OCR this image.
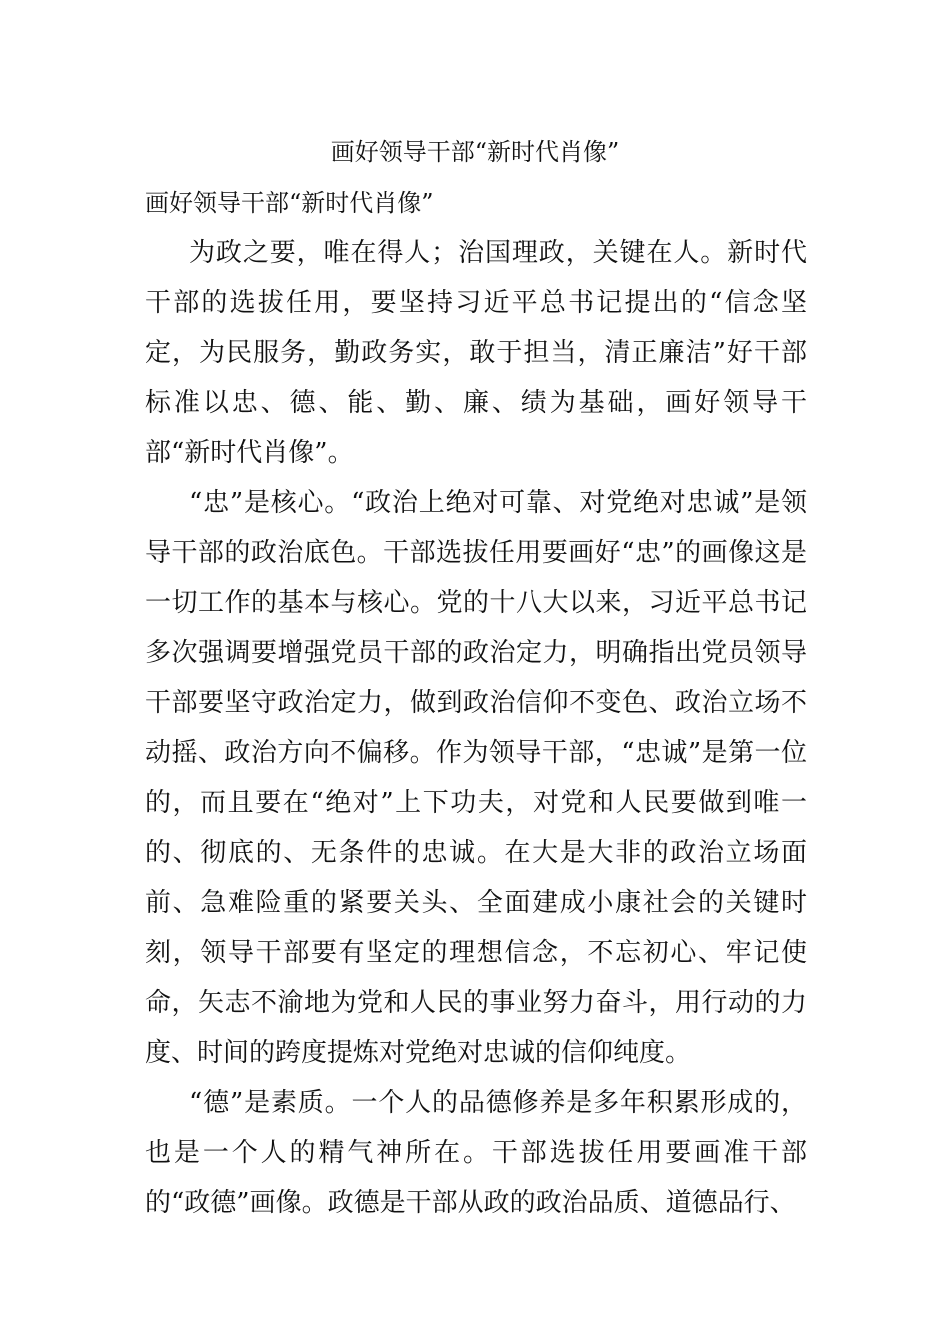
画好领导干部“新时代肖像”

画好领导干部“新时代肖像”

为政之要，唯在得人；治国理政，关键在人。新时代干部的选拔任用，要坚持习近平总书记提出的“信念坚定，为民服务，勤政务实，敢于担当，清正廉洁”好干部标准以忠、德、能、勤、廉、绩为基础，画好领导干部“新时代肖像”。

“忠”是核心。“政治上绝对可靠、对党绝对忠诚”是领导干部的政治底色。干部选拔任用要画好“忠”的画像这是一切工作的基本与核心。党的十八大以来，习近平总书记多次强调要增强党员干部的政治定力，明确指出党员领导干部要坚守政治定力，做到政治信仰不变色、政治立场不动摇、政治方向不偏移。作为领导干部，“忠诚”是第一位的，而且要在“绝对”上下功夫，对党和人民要做到唯一的、彻底的、无条件的忠诚。在大是大非的政治立场面前、急难险重的紧要关头、全面建成小康社会的关键时刻，领导干部要有坚定的理想信念，不忘初心、牢记使命，矢志不渝地为党和人民的事业努力奋斗，用行动的力度、时间的跨度提炼对党绝对忠诚的信仰纯度。

“德”是素质。一个人的品德修养是多年积累形成的，也是一个人的精气神所在。干部选拔任用要画准干部的“政德”画像。政德是干部从政的政治品质、道德品行、
